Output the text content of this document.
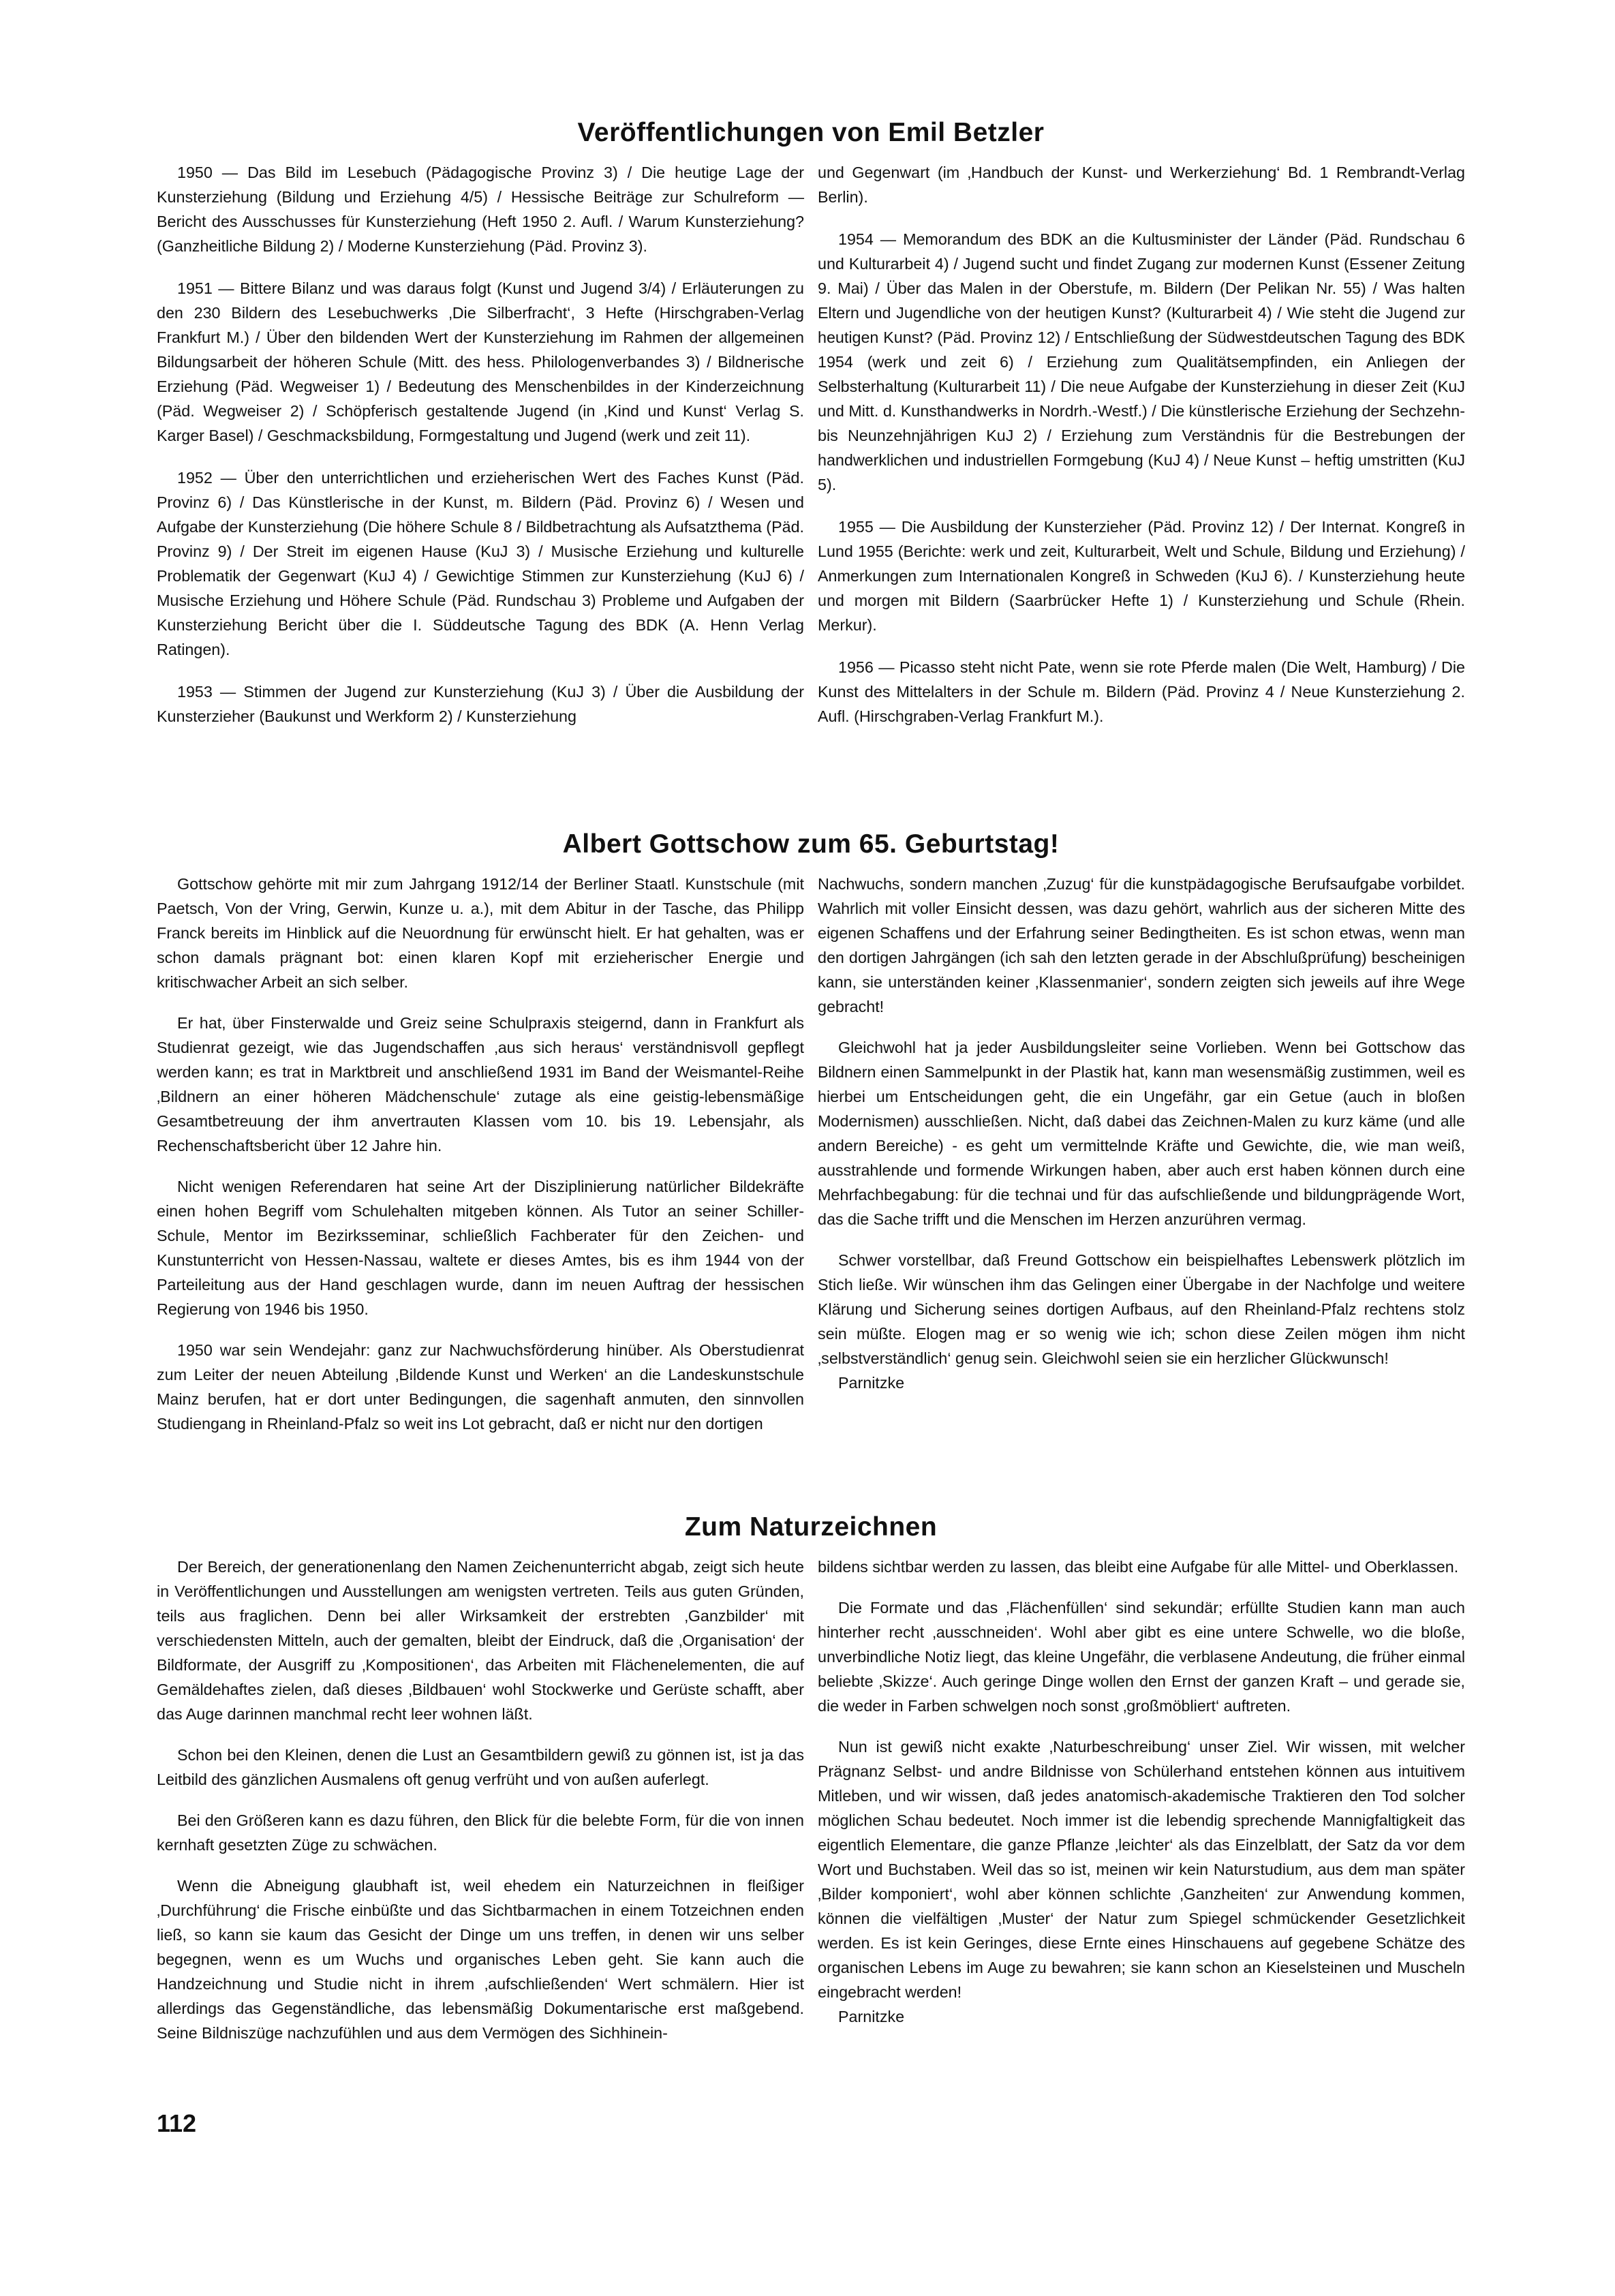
Veröffentlichungen von Emil Betzler

1950 — Das Bild im Lesebuch (Pädagogische Provinz 3) / Die heutige Lage der Kunsterziehung (Bildung und Erziehung 4/5) / Hessische Beiträge zur Schulreform — Bericht des Ausschusses für Kunsterziehung (Heft 1950 2. Aufl. / Warum Kunsterziehung? (Ganzheitliche Bildung 2) / Moderne Kunsterziehung (Päd. Provinz 3).

1951 — Bittere Bilanz und was daraus folgt (Kunst und Jugend 3/4) / Erläuterungen zu den 230 Bildern des Lesebuchwerks ‚Die Silberfracht‘, 3 Hefte (Hirschgraben-Verlag Frankfurt M.) / Über den bildenden Wert der Kunsterziehung im Rahmen der allgemeinen Bildungsarbeit der höheren Schule (Mitt. des hess. Philologenverbandes 3) / Bildnerische Erziehung (Päd. Wegweiser 1) / Bedeutung des Menschenbildes in der Kinderzeichnung (Päd. Wegweiser 2) / Schöpferisch gestaltende Jugend (in ‚Kind und Kunst‘ Verlag S. Karger Basel) / Geschmacksbildung, Formgestaltung und Jugend (werk und zeit 11).

1952 — Über den unterrichtlichen und erzieherischen Wert des Faches Kunst (Päd. Provinz 6) / Das Künstlerische in der Kunst, m. Bildern (Päd. Provinz 6) / Wesen und Aufgabe der Kunsterziehung (Die höhere Schule 8 / Bildbetrachtung als Aufsatzthema (Päd. Provinz 9) / Der Streit im eigenen Hause (KuJ 3) / Musische Erziehung und kulturelle Problematik der Gegenwart (KuJ 4) / Gewichtige Stimmen zur Kunsterziehung (KuJ 6) / Musische Erziehung und Höhere Schule (Päd. Rundschau 3) Probleme und Aufgaben der Kunsterziehung Bericht über die I. Süddeutsche Tagung des BDK (A. Henn Verlag Ratingen).

1953 — Stimmen der Jugend zur Kunsterziehung (KuJ 3) / Über die Ausbildung der Kunsterzieher (Baukunst und Werkform 2) / Kunsterziehung

und Gegenwart (im ‚Handbuch der Kunst- und Werkerziehung‘ Bd. 1 Rembrandt-Verlag Berlin).

1954 — Memorandum des BDK an die Kultusminister der Länder (Päd. Rundschau 6 und Kulturarbeit 4) / Jugend sucht und findet Zugang zur modernen Kunst (Essener Zeitung 9. Mai) / Über das Malen in der Oberstufe, m. Bildern (Der Pelikan Nr. 55) / Was halten Eltern und Jugendliche von der heutigen Kunst? (Kulturarbeit 4) / Wie steht die Jugend zur heutigen Kunst? (Päd. Provinz 12) / Entschließung der Südwestdeutschen Tagung des BDK 1954 (werk und zeit 6) / Erziehung zum Qualitätsempfinden, ein Anliegen der Selbsterhaltung (Kulturarbeit 11) / Die neue Aufgabe der Kunsterziehung in dieser Zeit (KuJ und Mitt. d. Kunsthandwerks in Nordrh.-Westf.) / Die künstlerische Erziehung der Sechzehn- bis Neunzehnjährigen KuJ 2) / Erziehung zum Verständnis für die Bestrebungen der handwerklichen und industriellen Formgebung (KuJ 4) / Neue Kunst – heftig umstritten (KuJ 5).

1955 — Die Ausbildung der Kunsterzieher (Päd. Provinz 12) / Der Internat. Kongreß in Lund 1955 (Berichte: werk und zeit, Kulturarbeit, Welt und Schule, Bildung und Erziehung) / Anmerkungen zum Internationalen Kongreß in Schweden (KuJ 6). / Kunsterziehung heute und morgen mit Bildern (Saarbrücker Hefte 1) / Kunsterziehung und Schule (Rhein. Merkur).

1956 — Picasso steht nicht Pate, wenn sie rote Pferde malen (Die Welt, Hamburg) / Die Kunst des Mittelalters in der Schule m. Bildern (Päd. Provinz 4 / Neue Kunsterziehung 2. Aufl. (Hirschgraben-Verlag Frankfurt M.).

Albert Gottschow zum 65. Geburtstag!

Gottschow gehörte mit mir zum Jahrgang 1912/14 der Berliner Staatl. Kunstschule (mit Paetsch, Von der Vring, Gerwin, Kunze u. a.), mit dem Abitur in der Tasche, das Philipp Franck bereits im Hinblick auf die Neuordnung für erwünscht hielt. Er hat gehalten, was er schon damals prägnant bot: einen klaren Kopf mit erzieherischer Energie und kritischwacher Arbeit an sich selber.

Er hat, über Finsterwalde und Greiz seine Schulpraxis steigernd, dann in Frankfurt als Studienrat gezeigt, wie das Jugendschaffen ‚aus sich heraus‘ verständnisvoll gepflegt werden kann; es trat in Marktbreit und anschließend 1931 im Band der Weismantel-Reihe ‚Bildnern an einer höheren Mädchenschule‘ zutage als eine geistig-lebensmäßige Gesamtbetreuung der ihm anvertrauten Klassen vom 10. bis 19. Lebensjahr, als Rechenschaftsbericht über 12 Jahre hin.

Nicht wenigen Referendaren hat seine Art der Disziplinierung natürlicher Bildekräfte einen hohen Begriff vom Schulehalten mitgeben können. Als Tutor an seiner Schiller-Schule, Mentor im Bezirksseminar, schließlich Fachberater für den Zeichen- und Kunstunterricht von Hessen-Nassau, waltete er dieses Amtes, bis es ihm 1944 von der Parteileitung aus der Hand geschlagen wurde, dann im neuen Auftrag der hessischen Regierung von 1946 bis 1950.

1950 war sein Wendejahr: ganz zur Nachwuchsförderung hinüber. Als Oberstudienrat zum Leiter der neuen Abteilung ‚Bildende Kunst und Werken‘ an die Landeskunstschule Mainz berufen, hat er dort unter Bedingungen, die sagenhaft anmuten, den sinnvollen Studiengang in Rheinland-Pfalz so weit ins Lot gebracht, daß er nicht nur den dortigen

Nachwuchs, sondern manchen ‚Zuzug‘ für die kunstpädagogische Berufsaufgabe vorbildet. Wahrlich mit voller Einsicht dessen, was dazu gehört, wahrlich aus der sicheren Mitte des eigenen Schaffens und der Erfahrung seiner Bedingtheiten. Es ist schon etwas, wenn man den dortigen Jahrgängen (ich sah den letzten gerade in der Abschlußprüfung) bescheinigen kann, sie unterständen keiner ‚Klassenmanier‘, sondern zeigten sich jeweils auf ihre Wege gebracht!

Gleichwohl hat ja jeder Ausbildungsleiter seine Vorlieben. Wenn bei Gottschow das Bildnern einen Sammelpunkt in der Plastik hat, kann man wesensmäßig zustimmen, weil es hierbei um Entscheidungen geht, die ein Ungefähr, gar ein Getue (auch in bloßen Modernismen) ausschließen. Nicht, daß dabei das Zeichnen-Malen zu kurz käme (und alle andern Bereiche) - es geht um vermittelnde Kräfte und Gewichte, die, wie man weiß, ausstrahlende und formende Wirkungen haben, aber auch erst haben können durch eine Mehrfachbegabung: für die technai und für das aufschließende und bildungprägende Wort, das die Sache trifft und die Menschen im Herzen anzurühren vermag.

Schwer vorstellbar, daß Freund Gottschow ein beispielhaftes Lebenswerk plötzlich im Stich ließe. Wir wünschen ihm das Gelingen einer Übergabe in der Nachfolge und weitere Klärung und Sicherung seines dortigen Aufbaus, auf den Rheinland-Pfalz rechtens stolz sein müßte. Elogen mag er so wenig wie ich; schon diese Zeilen mögen ihm nicht ‚selbstverständlich‘ genug sein. Gleichwohl seien sie ein herzlicher Glückwunsch!

Parnitzke

Zum Naturzeichnen

Der Bereich, der generationenlang den Namen Zeichenunterricht abgab, zeigt sich heute in Veröffentlichungen und Ausstellungen am wenigsten vertreten. Teils aus guten Gründen, teils aus fraglichen. Denn bei aller Wirksamkeit der erstrebten ‚Ganzbilder‘ mit verschiedensten Mitteln, auch der gemalten, bleibt der Eindruck, daß die ‚Organisation‘ der Bildformate, der Ausgriff zu ‚Kompositionen‘, das Arbeiten mit Flächenelementen, die auf Gemäldehaftes zielen, daß dieses ‚Bildbauen‘ wohl Stockwerke und Gerüste schafft, aber das Auge darinnen manchmal recht leer wohnen läßt.

Schon bei den Kleinen, denen die Lust an Gesamtbildern gewiß zu gönnen ist, ist ja das Leitbild des gänzlichen Ausmalens oft genug verfrüht und von außen auferlegt.

Bei den Größeren kann es dazu führen, den Blick für die belebte Form, für die von innen kernhaft gesetzten Züge zu schwächen.

Wenn die Abneigung glaubhaft ist, weil ehedem ein Naturzeichnen in fleißiger ‚Durchführung‘ die Frische einbüßte und das Sichtbarmachen in einem Totzeichnen enden ließ, so kann sie kaum das Gesicht der Dinge um uns treffen, in denen wir uns selber begegnen, wenn es um Wuchs und organisches Leben geht. Sie kann auch die Handzeichnung und Studie nicht in ihrem ‚aufschließenden‘ Wert schmälern. Hier ist allerdings das Gegenständliche, das lebensmäßig Dokumentarische erst maßgebend. Seine Bildniszüge nachzufühlen und aus dem Vermögen des Sichhinein-

bildens sichtbar werden zu lassen, das bleibt eine Aufgabe für alle Mittel- und Oberklassen.

Die Formate und das ‚Flächenfüllen‘ sind sekundär; erfüllte Studien kann man auch hinterher recht ‚ausschneiden‘. Wohl aber gibt es eine untere Schwelle, wo die bloße, unverbindliche Notiz liegt, das kleine Ungefähr, die verblasene Andeutung, die früher einmal beliebte ‚Skizze‘. Auch geringe Dinge wollen den Ernst der ganzen Kraft – und gerade sie, die weder in Farben schwelgen noch sonst ‚großmöbliert‘ auftreten.

Nun ist gewiß nicht exakte ‚Naturbeschreibung‘ unser Ziel. Wir wissen, mit welcher Prägnanz Selbst- und andre Bildnisse von Schülerhand entstehen können aus intuitivem Mitleben, und wir wissen, daß jedes anatomisch-akademische Traktieren den Tod solcher möglichen Schau bedeutet. Noch immer ist die lebendig sprechende Mannigfaltigkeit das eigentlich Elementare, die ganze Pflanze ‚leichter‘ als das Einzelblatt, der Satz da vor dem Wort und Buchstaben. Weil das so ist, meinen wir kein Naturstudium, aus dem man später ‚Bilder komponiert‘, wohl aber können schlichte ‚Ganzheiten‘ zur Anwendung kommen, können die vielfältigen ‚Muster‘ der Natur zum Spiegel schmückender Gesetzlichkeit werden. Es ist kein Geringes, diese Ernte eines Hinschauens auf gegebene Schätze des organischen Lebens im Auge zu bewahren; sie kann schon an Kieselsteinen und Muscheln eingebracht werden!

Parnitzke

112
